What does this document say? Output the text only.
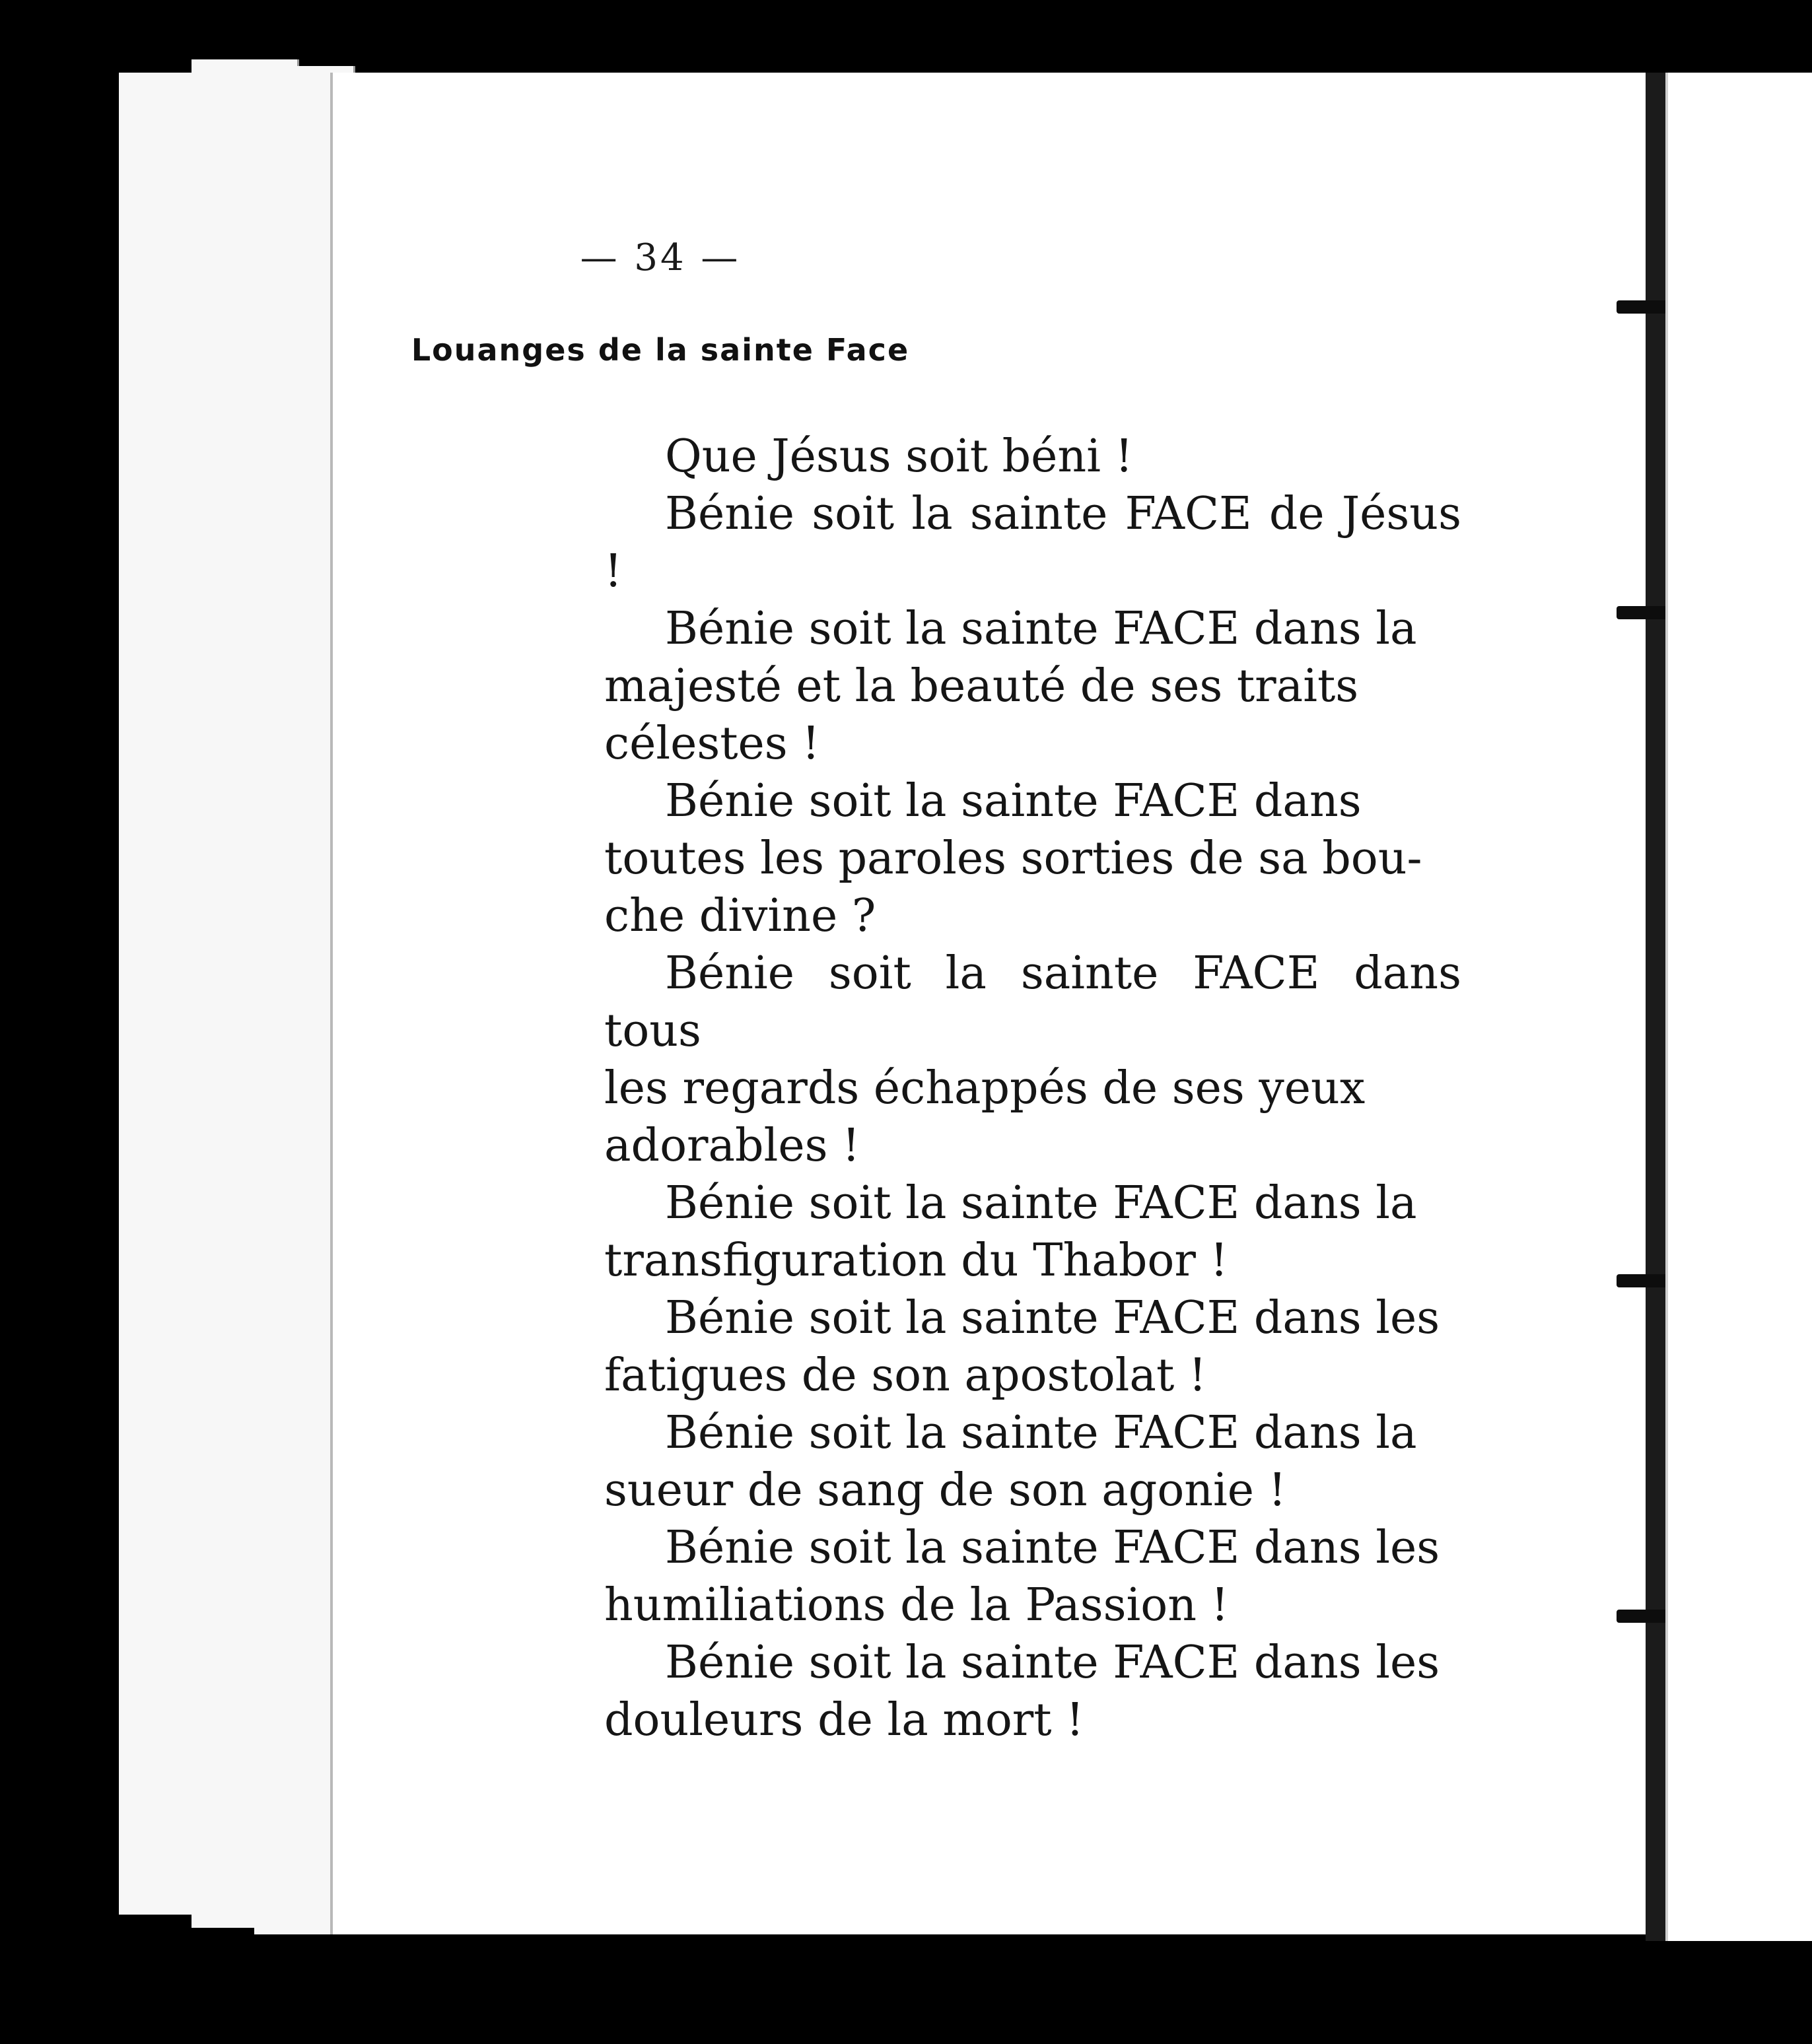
— 34 —
Louanges de la sainte Face
Que Jésus soit béni !
Bénie soit la sainte FACE de Jésus !
Bénie soit la sainte FACE dans la
majesté et la beauté de ses traits
célestes !
Bénie soit la sainte FACE dans
toutes les paroles sorties de sa bou-
che divine ?
Bénie soit la sainte FACE dans tous
les regards échappés de ses yeux
adorables !
Bénie soit la sainte FACE dans la
transfiguration du Thabor !
Bénie soit la sainte FACE dans les
fatigues de son apostolat !
Bénie soit la sainte FACE dans la
sueur de sang de son agonie !
Bénie soit la sainte FACE dans les
humiliations de la Passion !
Bénie soit la sainte FACE dans les
douleurs de la mort !
